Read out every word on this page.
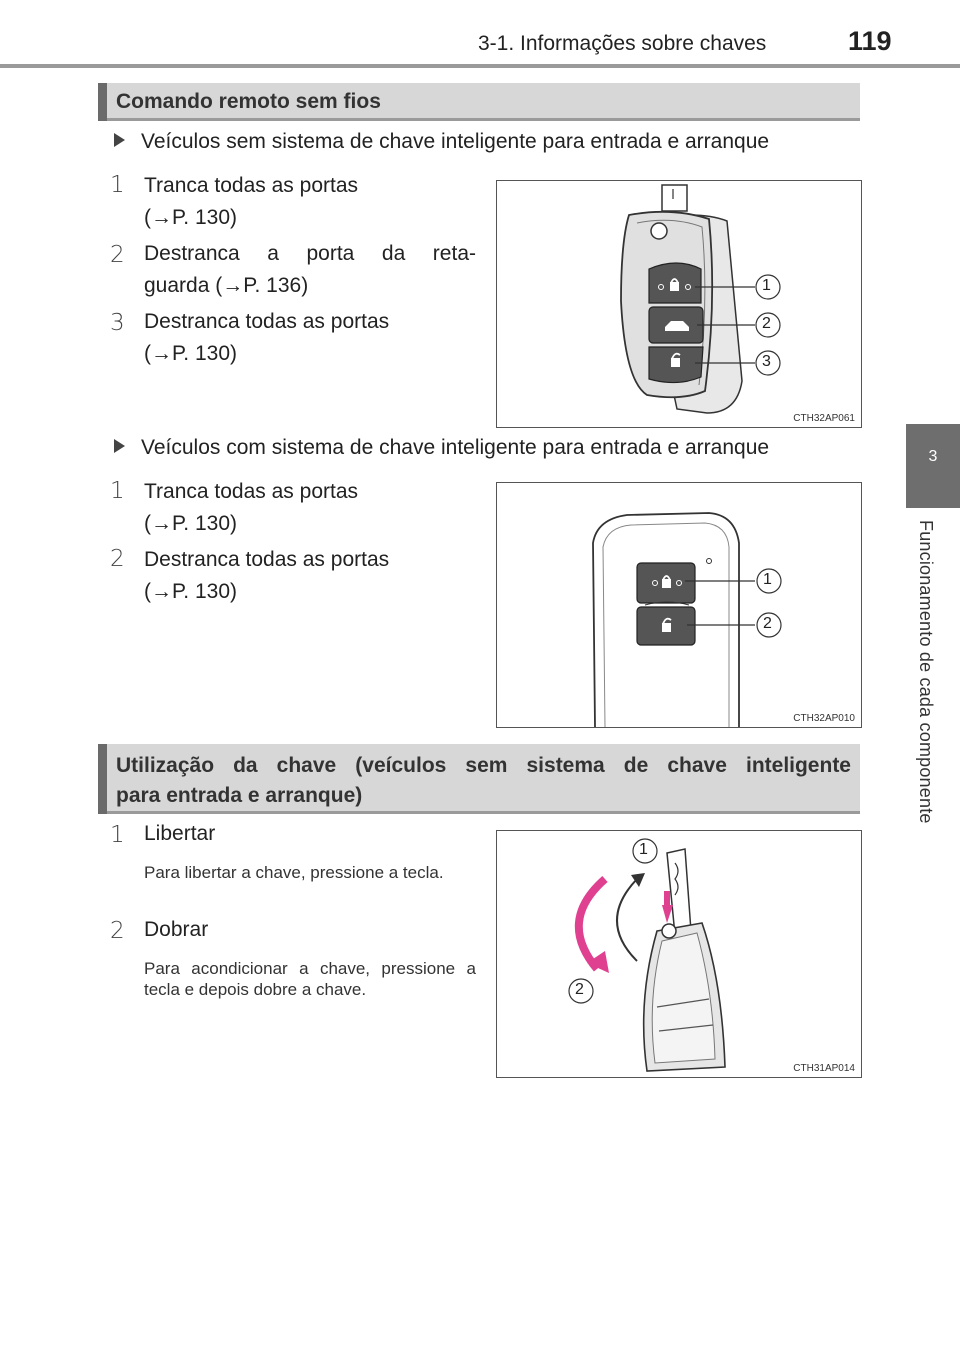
3-1. Informações sobre chaves	119
3
Funcionamento de cada componente
Comando remoto sem fios
Veículos sem sistema de chave inteligente para entrada e arranque
1 Tranca todas as portas
(→P. 130)
2 Destranca a porta da reta-
guarda (→P. 136)
3 Destranca todas as portas
(→P. 130)
1
2
3
CTH32AP061
Veículos com sistema de chave inteligente para entrada e arranque
1 Tranca todas as portas
(→P. 130)
2 Destranca todas as portas
(→P. 130)
1
2
CTH32AP010
Utilização da chave (veículos sem sistema de chave inteligente
para entrada e arranque)
1 Libertar
Para libertar a chave, pressione a tecla.
2 Dobrar
Para acondicionar a chave, pressione a tecla e depois dobre a chave.
1
2
CTH31AP014
